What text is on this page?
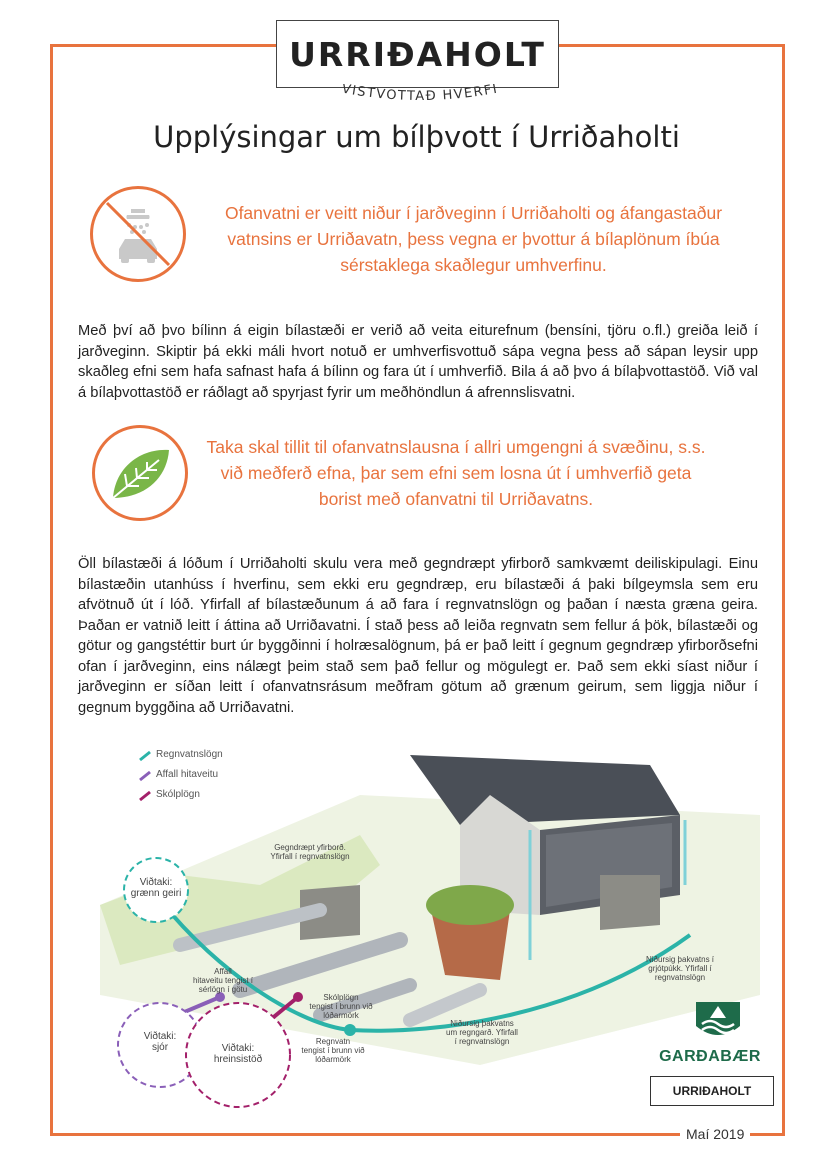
URRIÐAHOLT
VISTVOTTAÐ HVERFI
Upplýsingar um bílþvott í Urriðaholti
Ofanvatni er veitt niður í jarðveginn í Urriðaholti og áfangastaður vatnsins er Urriðavatn, þess vegna er þvottur á bílaplönum íbúa sérstaklega skaðlegur umhverfinu.
Með því að þvo bílinn á eigin bílastæði er verið að veita eiturefnum (bensíni, tjöru o.fl.) greiða leið í jarðveginn. Skiptir þá ekki máli hvort notuð er umhverfisvottuð sápa vegna þess að sápan leysir upp skaðleg efni sem hafa safnast hafa á bílinn og fara út í umhverfið. Bila á að þvo á bílaþvottastöð. Við val á bílaþvottastöð er ráðlagt að spyrjast fyrir um meðhöndlun á afrennslisvatni.
Taka skal tillit til ofanvatnslausna í allri umgengni á svæðinu, s.s. við meðferð efna, þar sem efni sem losna út í umhverfið geta borist með ofanvatni til Urriðavatns.
Öll bílastæði á lóðum í Urriðaholti skulu vera með gegndræpt yfirborð samkvæmt deiliskipulagi. Einu bílastæðin utanhúss í hverfinu, sem ekki eru gegndræp, eru bílastæði á þaki bílgeymsla sem eru afvötnuð út í lóð. Yfirfall af bílastæðunum á að fara í regnvatnslögn og þaðan í næsta græna geira. Þaðan er vatnið leitt í áttina að Urriðavatni. Í stað þess að leiða regnvatn sem fellur á þök, bílastæði og götur og gangstéttir burt úr byggðinni í holræsalögnum, þá er það leitt í gegnum gegndræp yfirborðsefni ofan í jarðveginn, eins nálægt þeim stað sem það fellur og mögulegt er. Það sem ekki síast niður í jarðveginn er síðan leitt í ofanvatnsrásum meðfram götum að grænum geirum, sem liggja niður í gegnum byggðina að Urriðavatni.
Regnvatnslögn
Affall hitaveitu
Skólplögn
Viðtaki:
grænn geiri
Viðtaki:
sjór	Viðtaki:
hreinsistöð
Gegndræpt yfirborð.
Yfirfall í regnvatnslögn
Affall
hitaveitu tengist í
sérlögn í götu
Skólplögn
tengist í brunn við
lóðarmörk
Regnvatn
tengist í brunn við
lóðarmörk
Niðursig þakvatns
um regngarð. Yfirfall
í regnvatnslögn
Niðursig þakvatns í
grjótpúkk. Yfirfall í
regnvatnslögn
GARÐABÆR
URRIÐAHOLT
Maí 2019
